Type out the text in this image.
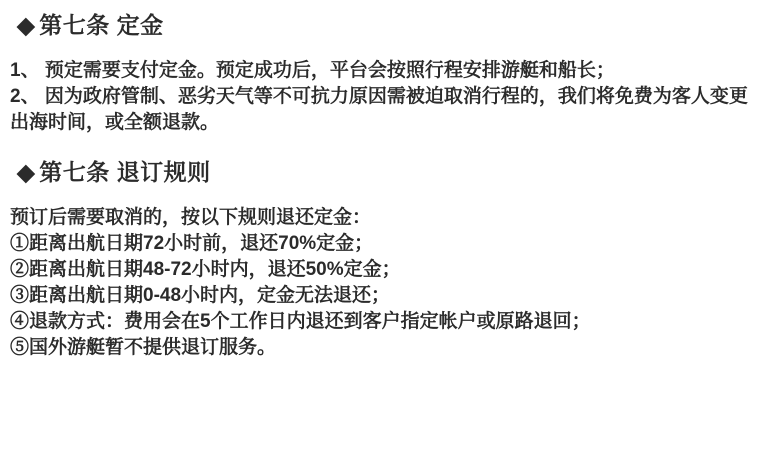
◆ 第七条 定金

1、 预定需要支付定金。预定成功后，平台会按照行程安排游艇和船长；

2、 因为政府管制、恶劣天气等不可抗力原因需被迫取消行程的，我们将免费为客人变更出海时间，或全额退款。

◆ 第七条 退订规则

预订后需要取消的，按以下规则退还定金：

①距离出航日期72小时前，退还70%定金；

②距离出航日期48-72小时内，退还50%定金；

③距离出航日期0-48小时内，定金无法退还；

④退款方式：费用会在5个工作日内退还到客户指定帐户或原路退回；

⑤国外游艇暂不提供退订服务。
